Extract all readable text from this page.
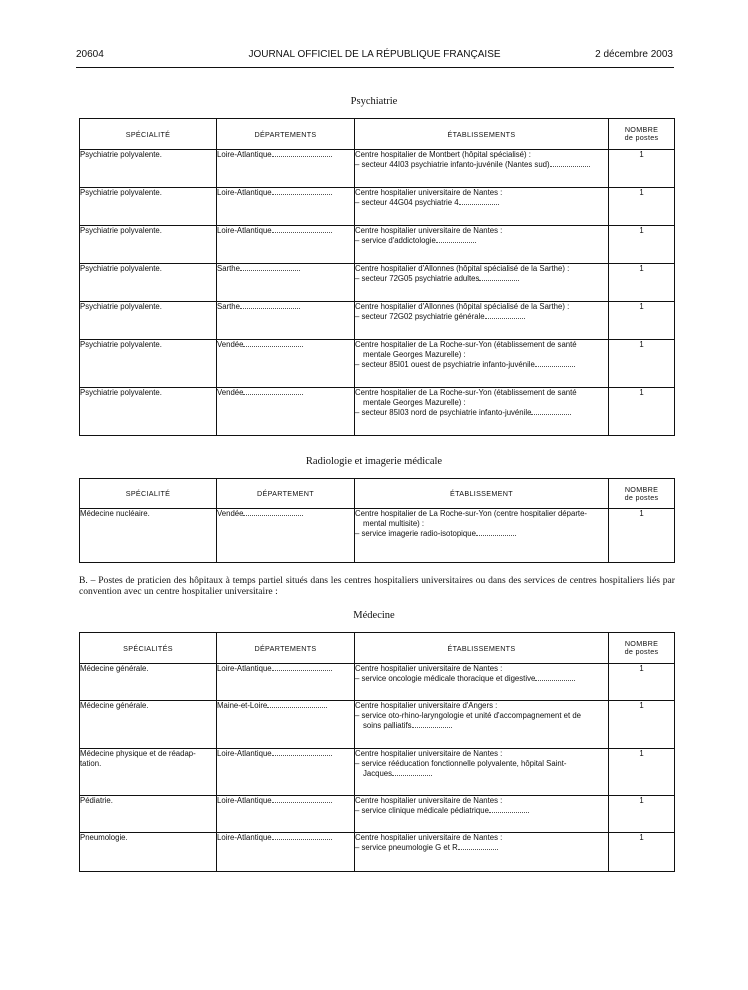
20604	JOURNAL OFFICIEL DE LA RÉPUBLIQUE FRANÇAISE	2 décembre 2003
Psychiatrie
SPÉCIALITÉ	DÉPARTEMENTS	ÉTABLISSEMENTS	NOMBRE
de postes
Psychiatrie polyvalente.	Loire-Atlantique	Centre hospitalier de Montbert (hôpital spécialisé) :
– secteur 44I03 psychiatrie infanto-juvénile (Nantes sud)	1
Psychiatrie polyvalente.	Loire-Atlantique	Centre hospitalier universitaire de Nantes :
– secteur 44G04 psychiatrie 4	1
Psychiatrie polyvalente.	Loire-Atlantique	Centre hospitalier universitaire de Nantes :
– service d'addictologie	1
Psychiatrie polyvalente.	Sarthe	Centre hospitalier d'Allonnes (hôpital spécialisé de la Sarthe) :
– secteur 72G05 psychiatrie adultes	1
Psychiatrie polyvalente.	Sarthe	Centre hospitalier d'Allonnes (hôpital spécialisé de la Sarthe) :
– secteur 72G02 psychiatrie générale	1
Psychiatrie polyvalente.	Vendée	Centre hospitalier de La Roche-sur-Yon (établissement de santé
mentale Georges Mazurelle) :
– secteur 85I01 ouest de psychiatrie infanto-juvénile	1
Psychiatrie polyvalente.	Vendée	Centre hospitalier de La Roche-sur-Yon (établissement de santé
mentale Georges Mazurelle) :
– secteur 85I03 nord de psychiatrie infanto-juvénile	1
Radiologie et imagerie médicale
SPÉCIALITÉ	DÉPARTEMENT	ÉTABLISSEMENT	NOMBRE
de postes
Médecine nucléaire.	Vendée	Centre hospitalier de La Roche-sur-Yon (centre hospitalier départe-
mental multisite) :
– service imagerie radio-isotopique	1
B. – Postes de praticien des hôpitaux à temps partiel situés dans les centres hospitaliers universitaires ou dans des services de centres hospitaliers liés par convention avec un centre hospitalier universitaire :
Médecine
SPÉCIALITÉS	DÉPARTEMENTS	ÉTABLISSEMENTS	NOMBRE
de postes
Médecine générale.	Loire-Atlantique	Centre hospitalier universitaire de Nantes :
– service oncologie médicale thoracique et digestive	1
Médecine générale.	Maine-et-Loire	Centre hospitalier universitaire d'Angers :
– service oto-rhino-laryngologie et unité d'accompagnement et de
soins palliatifs	1
Médecine physique et de réadap- tation.	Loire-Atlantique	Centre hospitalier universitaire de Nantes :
– service rééducation fonctionnelle polyvalente, hôpital Saint-
Jacques	1
Pédiatrie.	Loire-Atlantique	Centre hospitalier universitaire de Nantes :
– service clinique médicale pédiatrique	1
Pneumologie.	Loire-Atlantique	Centre hospitalier universitaire de Nantes :
– service pneumologie G et R	1
